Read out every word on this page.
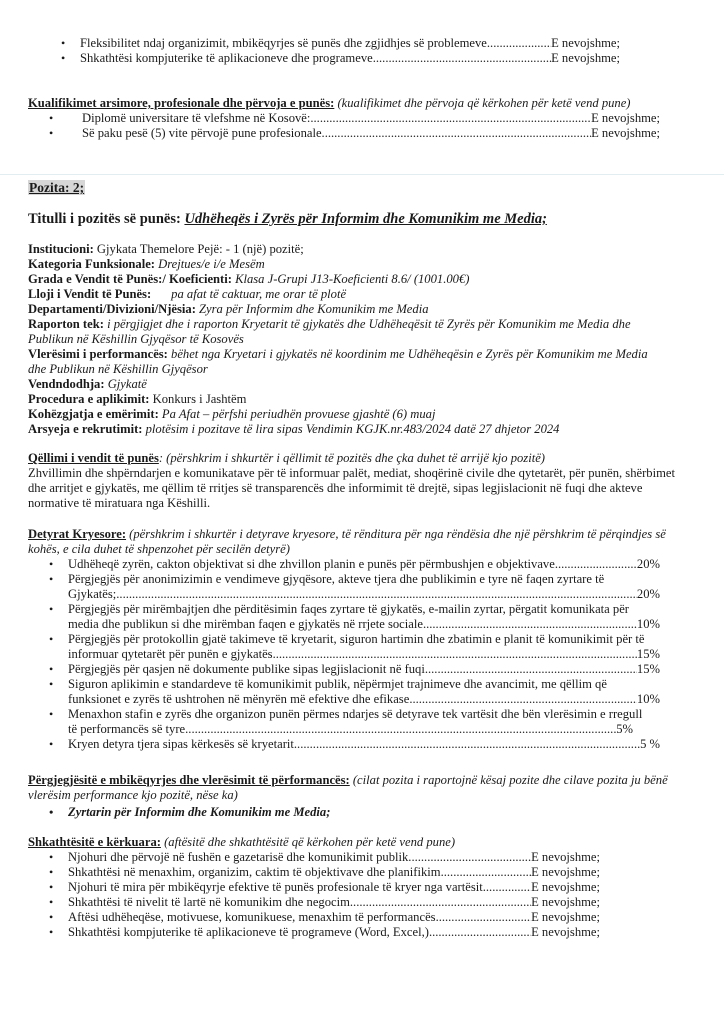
• Fleksibilitet ndaj organizimit, mbikëqyrjes së punës dhe zgjidhjes së problemeve .....	E nevojshme;
• Shkathtësi kompjuterike të aplikacioneve dhe programeve .....	E nevojshme;

Kualifikimet arsimore, profesionale dhe përvoja e punës: (kualifikimet dhe përvoja që kërkohen për ketë vend pune)

• Diplomë universitare të vlefshme në Kosovë: .....	E nevojshme;
• Së paku pesë (5) vite përvojë pune profesionale .....	E nevojshme;
Pozita: 2;
Titulli i pozitës së punës: Udhëheqës i Zyrës për Informim dhe Komunikim me Media;

Institucioni: Gjykata Themelore Pejë: - 1 (një) pozitë;

Kategoria Funksionale: Drejtues/e i/e Mesëm

Grada e Vendit të Punës:/ Koeficienti: Klasa J-Grupi J13-Koeficienti 8.6/ (1001.00€)

Lloji i Vendit të Punës: pa afat të caktuar, me orar të plotë

Departamenti/Divizioni/Njësia: Zyra për Informim dhe Komunikim me Media

Raporton tek: i përgjigjet dhe i raporton Kryetarit të gjykatës dhe Udhëheqësit të Zyrës për Komunikim me Media dhe Publikun në Këshillin Gjyqësor të Kosovës

Vlerësimi i performancës: bëhet nga Kryetari i gjykatës në koordinim me Udhëheqësin e Zyrës për Komunikim me Media dhe Publikun në Këshillin Gjyqësor

Vendndodhja: Gjykatë

Procedura e aplikimit: Konkurs i Jashtëm

Kohëzgjatja e emërimit: Pa Afat – përfshi periudhën provuese gjashtë (6) muaj

Arsyeja e rekrutimit: plotësim i pozitave të lira sipas Vendimin KGJK.nr.483/2024 datë 27 dhjetor 2024

Qëllimi i vendit të punës: (përshkrim i shkurtër i qëllimit të pozitës dhe çka duhet të arrijë kjo pozitë)

Zhvillimin dhe shpërndarjen e komunikatave për të informuar palët, mediat, shoqërinë civile dhe qytetarët, për punën, shërbimet dhe arritjet e gjykatës, me qëllim të rritjes së transparencës dhe informimit të drejtë, sipas legjislacionit në fuqi dhe akteve normative të miratuara nga Këshilli.

Detyrat Kryesore: (përshkrim i shkurtër i detyrave kryesore, të rënditura për nga rëndësia dhe një përshkrim të përqindjes së kohës, e cila duhet të shpenzohet për secilën detyrë)

• Udhëheqë zyrën, cakton objektivat si dhe zhvillon planin e punës për përmbushjen e objektivave .....	20%
• Përgjegjës për anonimizimin e vendimeve gjyqësore, akteve tjera dhe publikimin e tyre në faqen zyrtare të
Gjykatës; .....	20%
• Përgjegjës për mirëmbajtjen dhe përditësimin faqes zyrtare të gjykatës, e-mailin zyrtar, përgatit komunikata për
media dhe publikun si dhe mirëmban faqen e gjykatës në rrjete sociale .....	10%
• Përgjegjës për protokollin gjatë takimeve të kryetarit, siguron hartimin dhe zbatimin e planit të komunikimit për të
informuar qytetarët për punën e gjykatës .....	15%
• Përgjegjës për qasjen në dokumente publike sipas legjislacionit në fuqi .....	15%
• Siguron aplikimin e standardeve të komunikimit publik, nëpërmjet trajnimeve dhe avancimit, me qëllim që
funksionet e zyrës të ushtrohen në mënyrën më efektive dhe efikase .....	10%
• Menaxhon stafin e zyrës dhe organizon punën përmes ndarjes së detyrave tek vartësit dhe bën vlerësimin e rregull
të performancës së tyre .....	5%
• Kryen detyra tjera sipas kërkesës së kryetarit .....	5 %

Përgjegjësitë e mbikëqyrjes dhe vlerësimit të përformancës: (cilat pozita i raportojnë kësaj pozite dhe cilave pozita ju bënë vlerësim performance kjo pozitë, nëse ka)

• Zyrtarin për Informim dhe Komunikim me Media;

Shkathtësitë e kërkuara: (aftësitë dhe shkathtësitë që kërkohen për ketë vend pune)

• Njohuri dhe përvojë në fushën e gazetarisë dhe komunikimit publik .....	E nevojshme;
• Shkathtësi në menaxhim, organizim, caktim të objektivave dhe planifikim .....	E nevojshme;
• Njohuri të mira për mbikëqyrje efektive të punës profesionale të kryer nga vartësit .....	E nevojshme;
• Shkathtësi të nivelit të lartë në komunikim dhe negocim .....	E nevojshme;
• Aftësi udhëheqëse, motivuese, komunikuese, menaxhim të performancës .....	E nevojshme;
• Shkathtësi kompjuterike të aplikacioneve të programeve (Word, Excel,) .....	E nevojshme;
